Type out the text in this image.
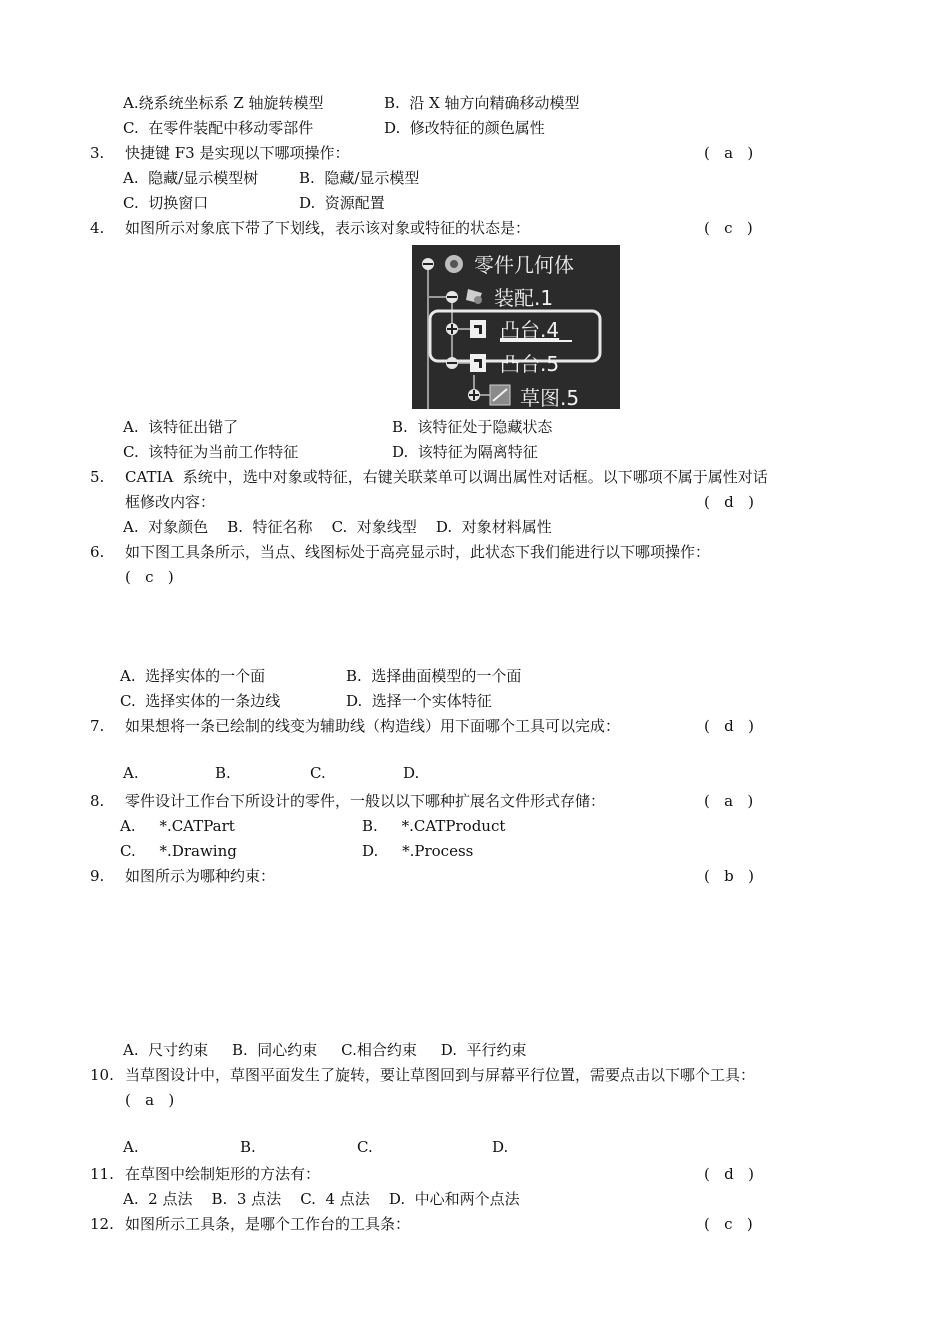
A.绕系统坐标系 Z 轴旋转模型	B.  沿 X 轴方向精确移动模型
C.  在零件装配中移动零部件	D.  修改特征的颜色属性
3. 快捷键 F3 是实现以下哪项操作：	(   a   )
A.  隐藏/显示模型树	B.  隐藏/显示模型
C.  切换窗口	D.  资源配置
4. 如图所示对象底下带了下划线，表示该对象或特征的状态是：	(   c   )
零件几何体
装配.1
凸台.4
凸台.5
草图.5
A.  该特征出错了	B.  该特征处于隐藏状态
C.  该特征为当前工作特征	D.  该特征为隔离特征
5. CATIA  系统中，选中对象或特征，右键关联菜单可以调出属性对话框。以下哪项不属于属性对话
框修改内容：	(   d   )
A.  对象颜色    B.  特征名称    C.  对象线型    D.  对象材料属性
6. 如下图工具条所示，当点、线图标处于高亮显示时，此状态下我们能进行以下哪项操作：
(   c   )
A.  选择实体的一个面	B.  选择曲面模型的一个面
C.  选择实体的一条边线	D.  选择一个实体特征
7. 如果想将一条已绘制的线变为辅助线（构造线）用下面哪个工具可以完成：	(   d   )
A.	B.	C.	D.
8. 零件设计工作台下所设计的零件，一般以以下哪种扩展名文件形式存储：	(   a   )
A.     *.CATPart	B.     *.CATProduct
C.     *.Drawing	D.     *.Process
9. 如图所示为哪种约束：	(   b   )
A.  尺寸约束     B.  同心约束     C.相合约束     D.  平行约束
10. 当草图设计中，草图平面发生了旋转，要让草图回到与屏幕平行位置，需要点击以下哪个工具：
(   a   )
A.	B.	C.	D.
11. 在草图中绘制矩形的方法有：	(   d   )
A.  2 点法    B.  3 点法    C.  4 点法    D.  中心和两个点法
12. 如图所示工具条，是哪个工作台的工具条：	(   c   )
